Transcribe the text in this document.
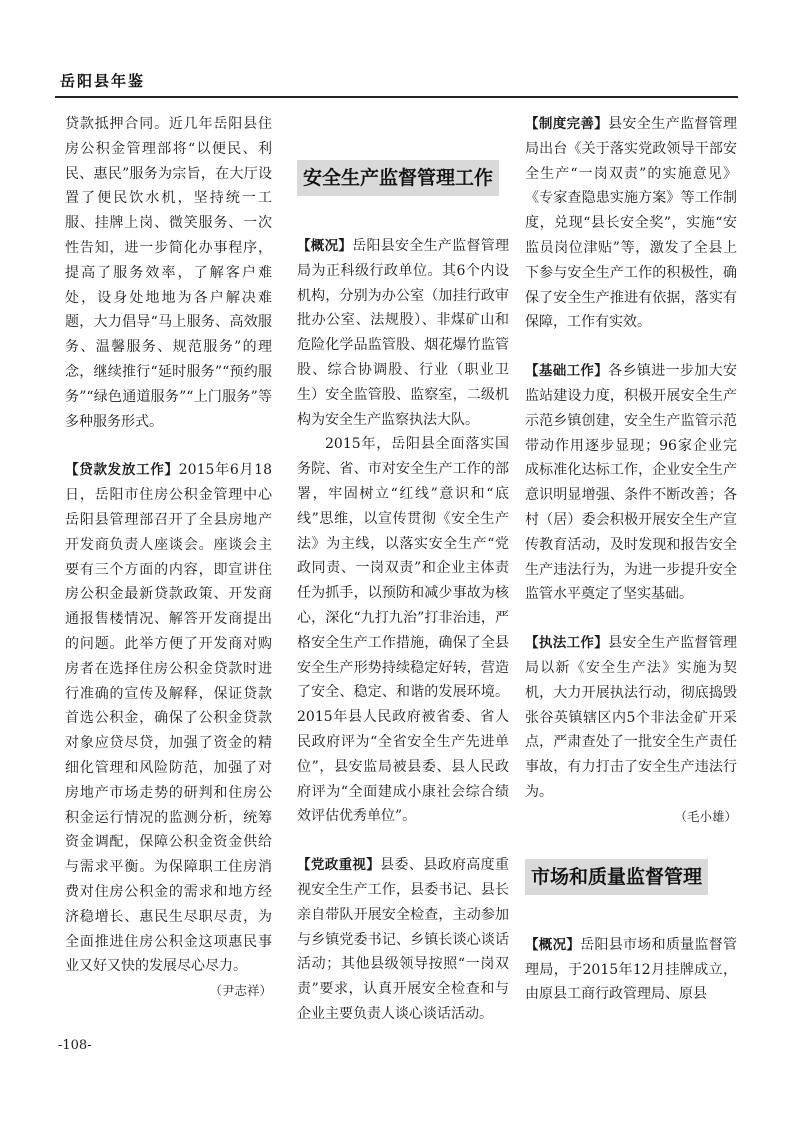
岳阳县年鉴

贷款抵押合同。近几年岳阳县住房公积金管理部将“以便民、利民、惠民”服务为宗旨，在大厅设置了便民饮水机，坚持统一工服、挂牌上岗、微笑服务、一次性告知，进一步简化办事程序，提高了服务效率，了解客户难处，设身处地地为各户解决难题，大力倡导“马上服务、高效服务、温馨服务、规范服务”的理念，继续推行“延时服务”“预约服务”“绿色通道服务”“上门服务”等多种服务形式。

【贷款发放工作】2015年6月18日，岳阳市住房公积金管理中心岳阳县管理部召开了全县房地产开发商负责人座谈会。座谈会主要有三个方面的内容，即宣讲住房公积金最新贷款政策、开发商通报售楼情况、解答开发商提出的问题。此举方便了开发商对购房者在选择住房公积金贷款时进行准确的宣传及解释，保证贷款首选公积金，确保了公积金贷款对象应贷尽贷，加强了资金的精细化管理和风险防范，加强了对房地产市场走势的研判和住房公积金运行情况的监测分析，统筹资金调配，保障公积金资金供给与需求平衡。为保障职工住房消费对住房公积金的需求和地方经济稳增长、惠民生尽职尽责，为全面推进住房公积金这项惠民事业又好又快的发展尽心尽力。

（尹志祥）

安全生产监督管理工作

【概况】岳阳县安全生产监督管理局为正科级行政单位。其6个内设机构，分别为办公室（加挂行政审批办公室、法规股）、非煤矿山和危险化学品监管股、烟花爆竹监管股、综合协调股、行业（职业卫生）安全监管股、监察室，二级机构为安全生产监察执法大队。

2015年，岳阳县全面落实国务院、省、市对安全生产工作的部署，牢固树立“红线”意识和“底线”思维，以宣传贯彻《安全生产法》为主线，以落实安全生产“党政同责、一岗双责”和企业主体责任为抓手，以预防和减少事故为核心，深化“九打九治”打非治违，严格安全生产工作措施，确保了全县安全生产形势持续稳定好转，营造了安全、稳定、和谐的发展环境。2015年县人民政府被省委、省人民政府评为“全省安全生产先进单位”，县安监局被县委、县人民政府评为“全面建成小康社会综合绩效评估优秀单位”。

【党政重视】县委、县政府高度重视安全生产工作，县委书记、县长亲自带队开展安全检查，主动参加与乡镇党委书记、乡镇长谈心谈话活动；其他县级领导按照“一岗双责”要求，认真开展安全检查和与企业主要负责人谈心谈话活动。

【制度完善】县安全生产监督管理局出台《关于落实党政领导干部安全生产“一岗双责”的实施意见》《专家查隐患实施方案》等工作制度，兑现“县长安全奖”，实施“安监员岗位津贴”等，激发了全县上下参与安全生产工作的积极性，确保了安全生产推进有依据，落实有保障，工作有实效。

【基础工作】各乡镇进一步加大安监站建设力度，积极开展安全生产示范乡镇创建，安全生产监管示范带动作用逐步显现；96家企业完成标准化达标工作，企业安全生产意识明显增强、条件不断改善；各村（居）委会积极开展安全生产宣传教育活动，及时发现和报告安全生产违法行为，为进一步提升安全监管水平奠定了坚实基础。

【执法工作】县安全生产监督管理局以新《安全生产法》实施为契机，大力开展执法行动，彻底捣毁张谷英镇辖区内5个非法金矿开采点，严肃查处了一批安全生产责任事故，有力打击了安全生产违法行为。

（毛小雄）

市场和质量监督管理

【概况】岳阳县市场和质量监督管理局，于2015年12月挂牌成立，由原县工商行政管理局、原县

-108-
